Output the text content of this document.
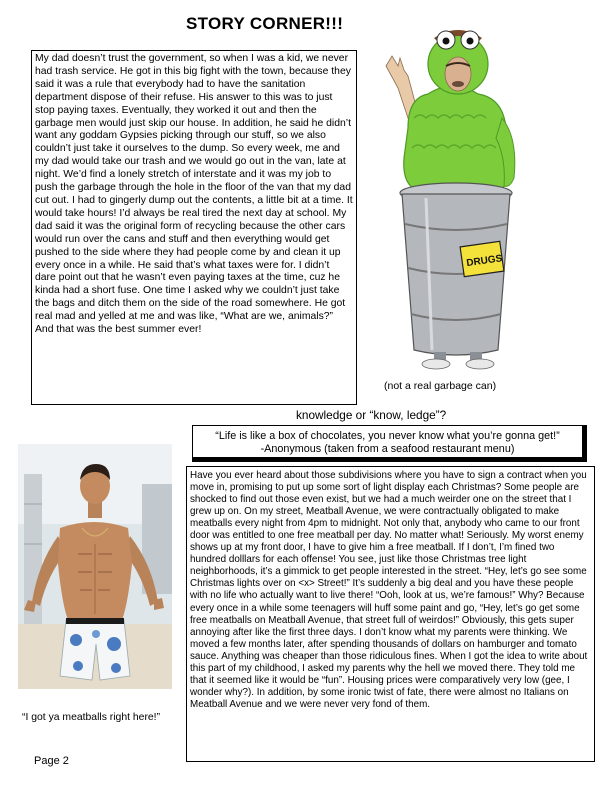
STORY CORNER!!!

My dad doesn’t trust the government, so when I was a kid, we never had trash service. He got in this big fight with the town, because they said it was a rule that everybody had to have the sanitation department dispose of their refuse. His answer to this was to just stop paying taxes. Eventually, they worked it out and then the garbage men would just skip our house. In addition, he said he didn’t want any goddam Gypsies picking through our stuff, so we also couldn’t just take it ourselves to the dump. So every week, me and my dad would take our trash and we would go out in the van, late at night. We’d find a lonely stretch of interstate and it was my job to push the garbage through the hole in the floor of the van that my dad cut out. I had to gingerly dump out the contents, a little bit at a time. It would take hours! I’d always be real tired the next day at school. My dad said it was the original form of recycling because the other cars would run over the cans and stuff and then everything would get pushed to the side where they had people come by and clean it up every once in a while. He said that’s what taxes were for. I didn’t dare point out that he wasn’t even paying taxes at the time, cuz he kinda had a short fuse. One time I asked why we couldn’t just take the bags and ditch them on the side of the road somewhere. He got real mad and yelled at me and was like, “What are we, animals?” And that was the best summer ever!

DRUGS
(not a real garbage can)
knowledge or “know, ledge”?
“Life is like a box of chocolates, you never know what you’re gonna get!”
-Anonymous (taken from a seafood restaurant menu)
“I got ya meatballs right here!”

Have you ever heard about those subdivisions where you have to sign a contract when you move in, promising to put up some sort of light display each Christmas? Some people are shocked to find out those even exist, but we had a much weirder one on the street that I grew up on. On my street, Meatball Avenue, we were contractually obligated to make meatballs every night from 4pm to midnight. Not only that, anybody who came to our front door was entitled to one free meatball per day. No matter what! Seriously. My worst enemy shows up at my front door, I have to give him a free meatball. If I don’t, I’m fined two hundred dolllars for each offense! You see, just like those Christmas tree light neighborhoods, it’s a gimmick to get people interested in the street. “Hey, let’s go see some Christmas lights over on <x> Street!” It’s suddenly a big deal and you have these people with no life who actually want to live there! “Ooh, look at us, we’re famous!” Why? Because every once in a while some teenagers will huff some paint and go, “Hey, let’s go get some free meatballs on Meatball Avenue, that street full of weirdos!” Obviously, this gets super annoying after like the first three days. I don’t know what my parents were thinking. We moved a few months later, after spending thousands of dollars on hamburger and tomato sauce. Anything was cheaper than those ridiculous fines. When I got the idea to write about this part of my childhood, I asked my parents why the hell we moved there. They told me that it seemed like it would be “fun”. Housing prices were comparatively very low (gee, I wonder why?). In addition, by some ironic twist of fate, there were almost no Italians on Meatball Avenue and we were never very fond of them.

Page 2
